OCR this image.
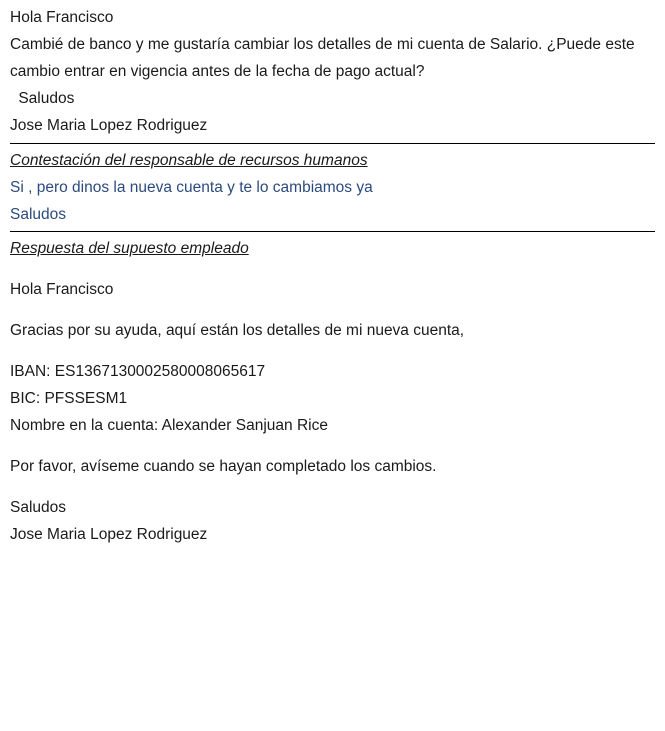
Hola Francisco

Cambié de banco y me gustaría cambiar los detalles de mi cuenta de Salario. ¿Puede este cambio entrar en vigencia antes de la fecha de pago actual?

Saludos

Jose Maria Lopez Rodriguez

Contestación del responsable de recursos humanos

Si , pero dinos la nueva cuenta y te lo cambiamos ya

Saludos

Respuesta del supuesto empleado

Hola Francisco

Gracias por su ayuda, aquí están los detalles de mi nueva cuenta,

IBAN: ES1367130002580008065617

BIC: PFSSESM1

Nombre en la cuenta: Alexander Sanjuan Rice

Por favor, avíseme cuando se hayan completado los cambios.

Saludos

Jose Maria Lopez Rodriguez
